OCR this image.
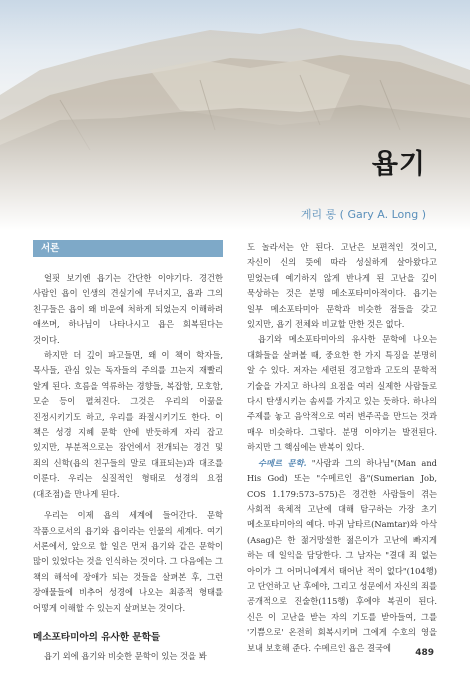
욥기
게리 롱 ( Gary A. Long )
서론

얼핏 보기엔 욥기는 간단한 이야기다. 경건한 사람인 욥이 인생의 견실기에 무너지고, 욥과 그의 친구들은 욥이 왜 비운에 처하게 되었는지 이해하려 애쓰며, 하나님이 나타나시고 욥은 회복된다는 것이다.

하지만 더 깊이 파고들면, 왜 이 책이 학자들, 목사들, 관심 있는 독자들의 주의를 끄는지 재빨리 알게 된다. 흐름을 역류하는 경향들, 복잡함, 모호함, 모순 등이 펼쳐진다. 그것은 우리의 이끎을 진정시키기도 하고, 우리를 좌절시키기도 한다. 이 책은 성경 지혜 문학 안에 반듯하게 자리 잡고 있지만, 부분적으로는 잠언에서 전개되는 경건 및 죄의 신학(욥의 친구들의 말로 대표되는)과 대조를 이룬다. 우리는 실질적인 형태로 성경의 요점(대조점)을 만나게 된다.

우리는 이제 욥의 세계에 들어간다. 문학 작품으로서의 욥기와 욥이라는 인물의 세계다. 여기 서론에서, 앞으로 할 일은 먼저 욥기와 같은 문학이 많이 있었다는 것을 인식하는 것이다. 그 다음에는 그 책의 해석에 장애가 되는 것들을 살펴본 후, 그런 장애물들에 비추어 성경에 나오는 최종적 형태를 어떻게 이해할 수 있는지 살펴보는 것이다.

메소포타미아의 유사한 문학들

욥기 외에 욥기와 비슷한 문학이 있는 것을 봐

도 놀라서는 안 된다. 고난은 보편적인 것이고, 자신이 신의 뜻에 따라 성실하게 살아왔다고 믿었는데 예기하지 않게 반나게 된 고난을 깊이 묵상하는 것은 분명 메소포타미아적이다. 욥기는 일부 메소포타미아 문학과 비슷한 점들을 갖고 있지만, 욥기 전체와 비교할 만한 것은 없다.

욥기와 메소포타미아의 유사한 문학에 나오는 대화들을 살펴볼 때, 중요한 한 가지 특징을 분명히 알 수 있다. 저자는 세련된 경고함과 고도의 문학적 기술을 가지고 하나의 요점을 여러 실제한 사람들로 다시 탄생시키는 솜씨를 가지고 있는 듯하다. 하나의 주제를 놓고 음악적으로 여러 변주곡을 만드는 것과 매우 비슷하다. 그렇다. 분명 이야기는 발전된다. 하지만 그 핵심에는 반복이 있다.

수메르 문학. "사람과 그의 하나님"(Man and His God) 또는 "수메르인 욥"(Sumerian Job, COS 1.179:573–575)은 경건한 사람들이 겪는 사회적 육체적 고난에 대해 탐구하는 가장 초기 메소포타미아의 예다. 마귀 남타르(Namtar)와 아삭(Asag)은 한 젊거망설한 젊은이가 고난에 빠지게 하는 데 일익을 담당한다. 그 남자는 "결대 죄 없는 아이가 그 어머니에게서 태어난 적이 없다"(104행)고 단언하고 난 후에야, 그리고 성문에서 자신의 죄를 공개적으로 진술한(115행) 후에야 복권이 된다. 신은 이 고난을 받는 자의 기도를 받아들여, 그를 '기쁨으로' 온전히 회복시키며 그에게 수호의 영을 보내 보호해 준다. 수메르인 욥은 결국에

489
